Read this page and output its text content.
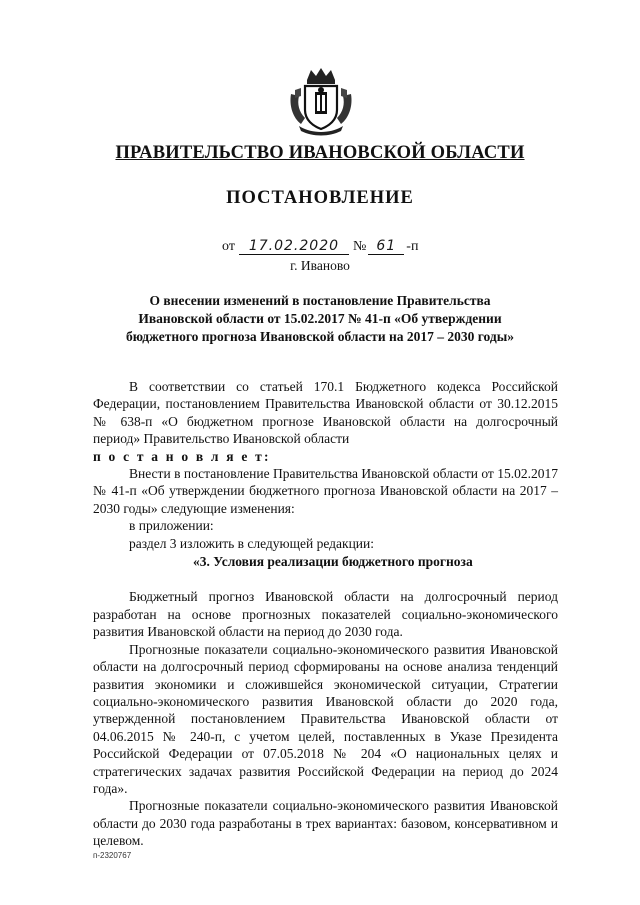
ПРАВИТЕЛЬСТВО ИВАНОВСКОЙ ОБЛАСТИ
ПОСТАНОВЛЕНИЕ
от 17.02.2020 № 61 -п
г. Иваново
О внесении изменений в постановление Правительства
Ивановской области от 15.02.2017 № 41-п «Об утверждении
бюджетного прогноза Ивановской области на 2017 – 2030 годы»

В соответствии со статьей 170.1 Бюджетного кодекса Российской Федерации, постановлением Правительства Ивановской области от 30.12.2015 № 638-п «О бюджетном прогнозе Ивановской области на долгосрочный период» Правительство Ивановской области

п о с т а н о в л я е т:

Внести в постановление Правительства Ивановской области от 15.02.2017 № 41-п «Об утверждении бюджетного прогноза Ивановской области на 2017 – 2030 годы» следующие изменения:

в приложении:

раздел 3 изложить в следующей редакции:

«3. Условия реализации бюджетного прогноза

Бюджетный прогноз Ивановской области на долгосрочный период разработан на основе прогнозных показателей социально-экономического развития Ивановской области на период до 2030 года.

Прогнозные показатели социально-экономического развития Ивановской области на долгосрочный период сформированы на основе анализа тенденций развития экономики и сложившейся экономической ситуации, Стратегии социально-экономического развития Ивановской области до 2020 года, утвержденной постановлением Правительства Ивановской области от 04.06.2015 № 240-п, с учетом целей, поставленных в Указе Президента Российской Федерации от 07.05.2018 № 204 «О национальных целях и стратегических задачах развития Российской Федерации на период до 2024 года».

Прогнозные показатели социально-экономического развития Ивановской области до 2030 года разработаны в трех вариантах: базовом, консервативном и целевом.

п-2320767
